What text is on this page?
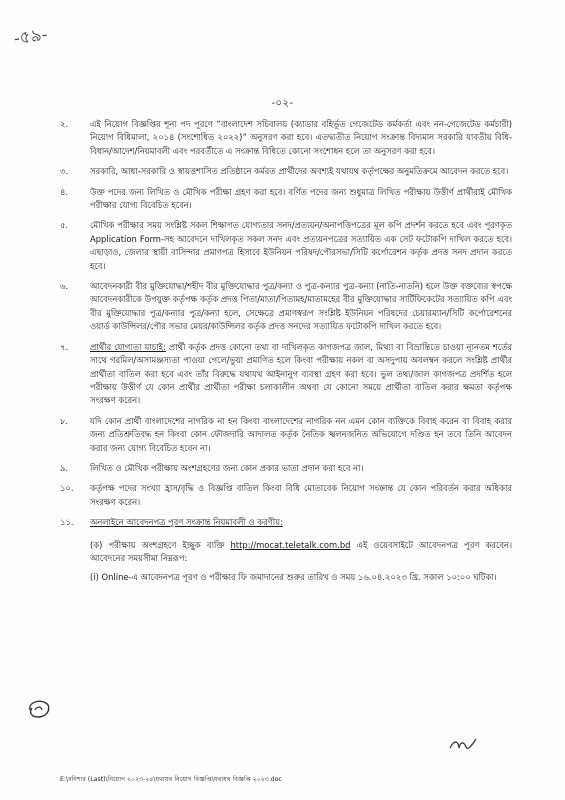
-৫৯-
-০২-
২.	এই নিয়োগ বিজ্ঞপ্তির শূন্য পদ পূরণে “বাংলাদেশ সচিবালয় (ক্যাডার বহির্ভূত গেজেটেড কর্মকর্তা এবং নন-গেজেটেড কর্মচারী) নিয়োগ বিধিমালা, ২০১৪ (সংশোধিত ২০২২)” অনুসরণ করা হবে। এতদ্ব্যতীত নিয়োগ সংক্রান্ত বিদ্যমান সরকারি যাবতীয় বিধি-বিধান/আদেশ/নিয়মাবলী এবং পরবর্তীতে এ সংক্রান্ত বিধিতে কোনো সংশোধন হলে তা অনুসরণ করা হবে।
৩.	সরকারি, আধা-সরকারি ও স্বায়ত্তশাসিত প্রতিষ্ঠানে কর্মরত প্রার্থীদের অবশ্যই যথাযথ কর্তৃপক্ষের অনুমতিক্রমে আবেদন করতে হবে।
৪.	উক্ত পদের জন্য লিখিত ও মৌখিক পরীক্ষা গ্রহণ করা হবে। বর্ণিত পদের জন্য শুধুমাত্র লিখিত পরীক্ষায় উত্তীর্ণ প্রার্থীরাই মৌখিক পরীক্ষার যোগ্য বিবেচিত হবেন।
৫.	মৌখিক পরীক্ষার সময় সংশ্লিষ্ট সকল শিক্ষাগত যোগ্যতার সনদ/প্রত্যয়ন/অনাপত্তিপত্রের মূল কপি প্রদর্শন করতে হবে এবং পূরণকৃত Application Form-সহ আবেদনে দাখিলকৃত সকল সনদ এবং প্রত্যয়নপত্রের সত্যায়িত এক সেট ফটোকপি দাখিল করতে হবে। এছাড়াও, জেলার স্থায়ী বাসিন্দার প্রমাণপত্র হিসাবে ইউনিয়ন পরিষদ/পৌরসভা/সিটি কর্পোরেশন কর্তৃক প্রদত্ত সনদ প্রদান করতে হবে।
৬.	আবেদনকারী বীর মুক্তিযোদ্ধা/শহীদ বীর মুক্তিযোদ্ধার পুত্র/কন্যা ও পুত্র-কন্যার পুত্র-কন্যা (নাতি-নাতনি) হলে উক্ত বক্তব্যের স্বপক্ষে আবেদনকারীকে উপযুক্ত কর্তৃপক্ষ কর্তৃক প্রদত্ত পিতা/মাতা/পিতামহ/মাতামহের বীর মুক্তিযোদ্ধার সার্টিফিকেটের সত্যায়িত কপি এবং বীর মুক্তিযোদ্ধার পুত্র/কন্যার পুত্র/কন্যা হলে, সেক্ষেত্রে প্রমাণস্বরূপ সংশ্লিষ্ট ইউনিয়ন পরিষদের চেয়ারম্যান/সিটি কর্পোরেশনের ওয়ার্ড কাউন্সিলর/পৌর সভার মেয়র/কাউন্সিলর কর্তৃক প্রদত্ত সনদের সত্যায়িত ফটোকপি দাখিল করতে হবে।
৭.	প্রার্থীর যোগ্যতা যাচাই: প্রার্থী কর্তৃক প্রদত্ত কোনো তথ্য বা দাখিলকৃত কাগজপত্র জাল, মিথ্যা বা বিভ্রান্তিতে চাওয়া ন্যূনতম শর্তের সাথে গরমিল/অসামঞ্জস্যতা পাওয়া গেলে/ভুয়া প্রমাণিত হলে কিংবা পরীক্ষায় নকল বা অসদুপায় অবলম্বন করলে সংশ্লিষ্ট প্রার্থীর প্রার্থীতা বাতিল করা হবে এবং তাঁর বিরুদ্ধে যথাযথ আইনানুগ ব্যবস্থা গ্রহণ করা হবে। ভুল তথ্য/জাল কাগজপত্র প্রদর্শিত হলে পরীক্ষায় উত্তীর্ণ যে কোন প্রার্থীর প্রার্থীতা পরীক্ষা চলাকালীন অথবা যে কোনো সময়ে প্রার্থীতা বাতিল করার ক্ষমতা কর্তৃপক্ষ সংরক্ষণ করেন।
৮.	যদি কোন প্রার্থী বাংলাদেশের নাগরিক না হন কিংবা বাংলাদেশের নাগরিক নন এমন কোন ব্যক্তিকে বিবাহ করেন বা বিবাহ করার জন্য প্রতিশ্রুতিবদ্ধ হন কিংবা কোন ফৌজদারি আদালত কর্তৃক নৈতিক স্খলনজনিত অভিযোগে দণ্ডিত হন তবে তিনি আবেদন করার জন্য যোগ্য বিবেচিত হবেন না।
৯.	লিখিত ও মৌখিক পরীক্ষায় অংশগ্রহণের জন্য কোন প্রকার ভাতা প্রদান করা হবে না।
১০.	কর্তৃপক্ষ পদের সংখ্যা হ্রাস/বৃদ্ধি ও বিজ্ঞপ্তি বাতিল কিংবা বিধি মোতাবেক নিয়োগ সংক্রান্ত যে কোন পরিবর্তন করার অধিকার সংরক্ষণ করেন।
১১.	অনলাইনে আবেদনপত্র পূরণ সংক্রান্ত নিয়মাবলী ও করণীয়:
(ক) পরীক্ষায় অংশগ্রহণে ইচ্ছুক ব্যক্তি http://mocat.teletalk.com.bd এই ওয়েবসাইটে আবেদনপত্র পূরণ করবেন। আবেদনের সময়সীমা নিম্নরূপ:
(i) Online-এ আবেদনপত্র পূরণ ও পরীক্ষার ফি জমাদানের শুরুর তারিখ ও সময় ১৬.০৪.২০২৩ খ্রি. সকাল ১০:০০ ঘটিকা।
E:\বনিশার (Last)\নিয়োগ ২০২৩-২৪\যথাযথ নিয়োগ বিজ্ঞপ্তি\যথাযথ বিজ্ঞপ্তি ২০২৩.doc
